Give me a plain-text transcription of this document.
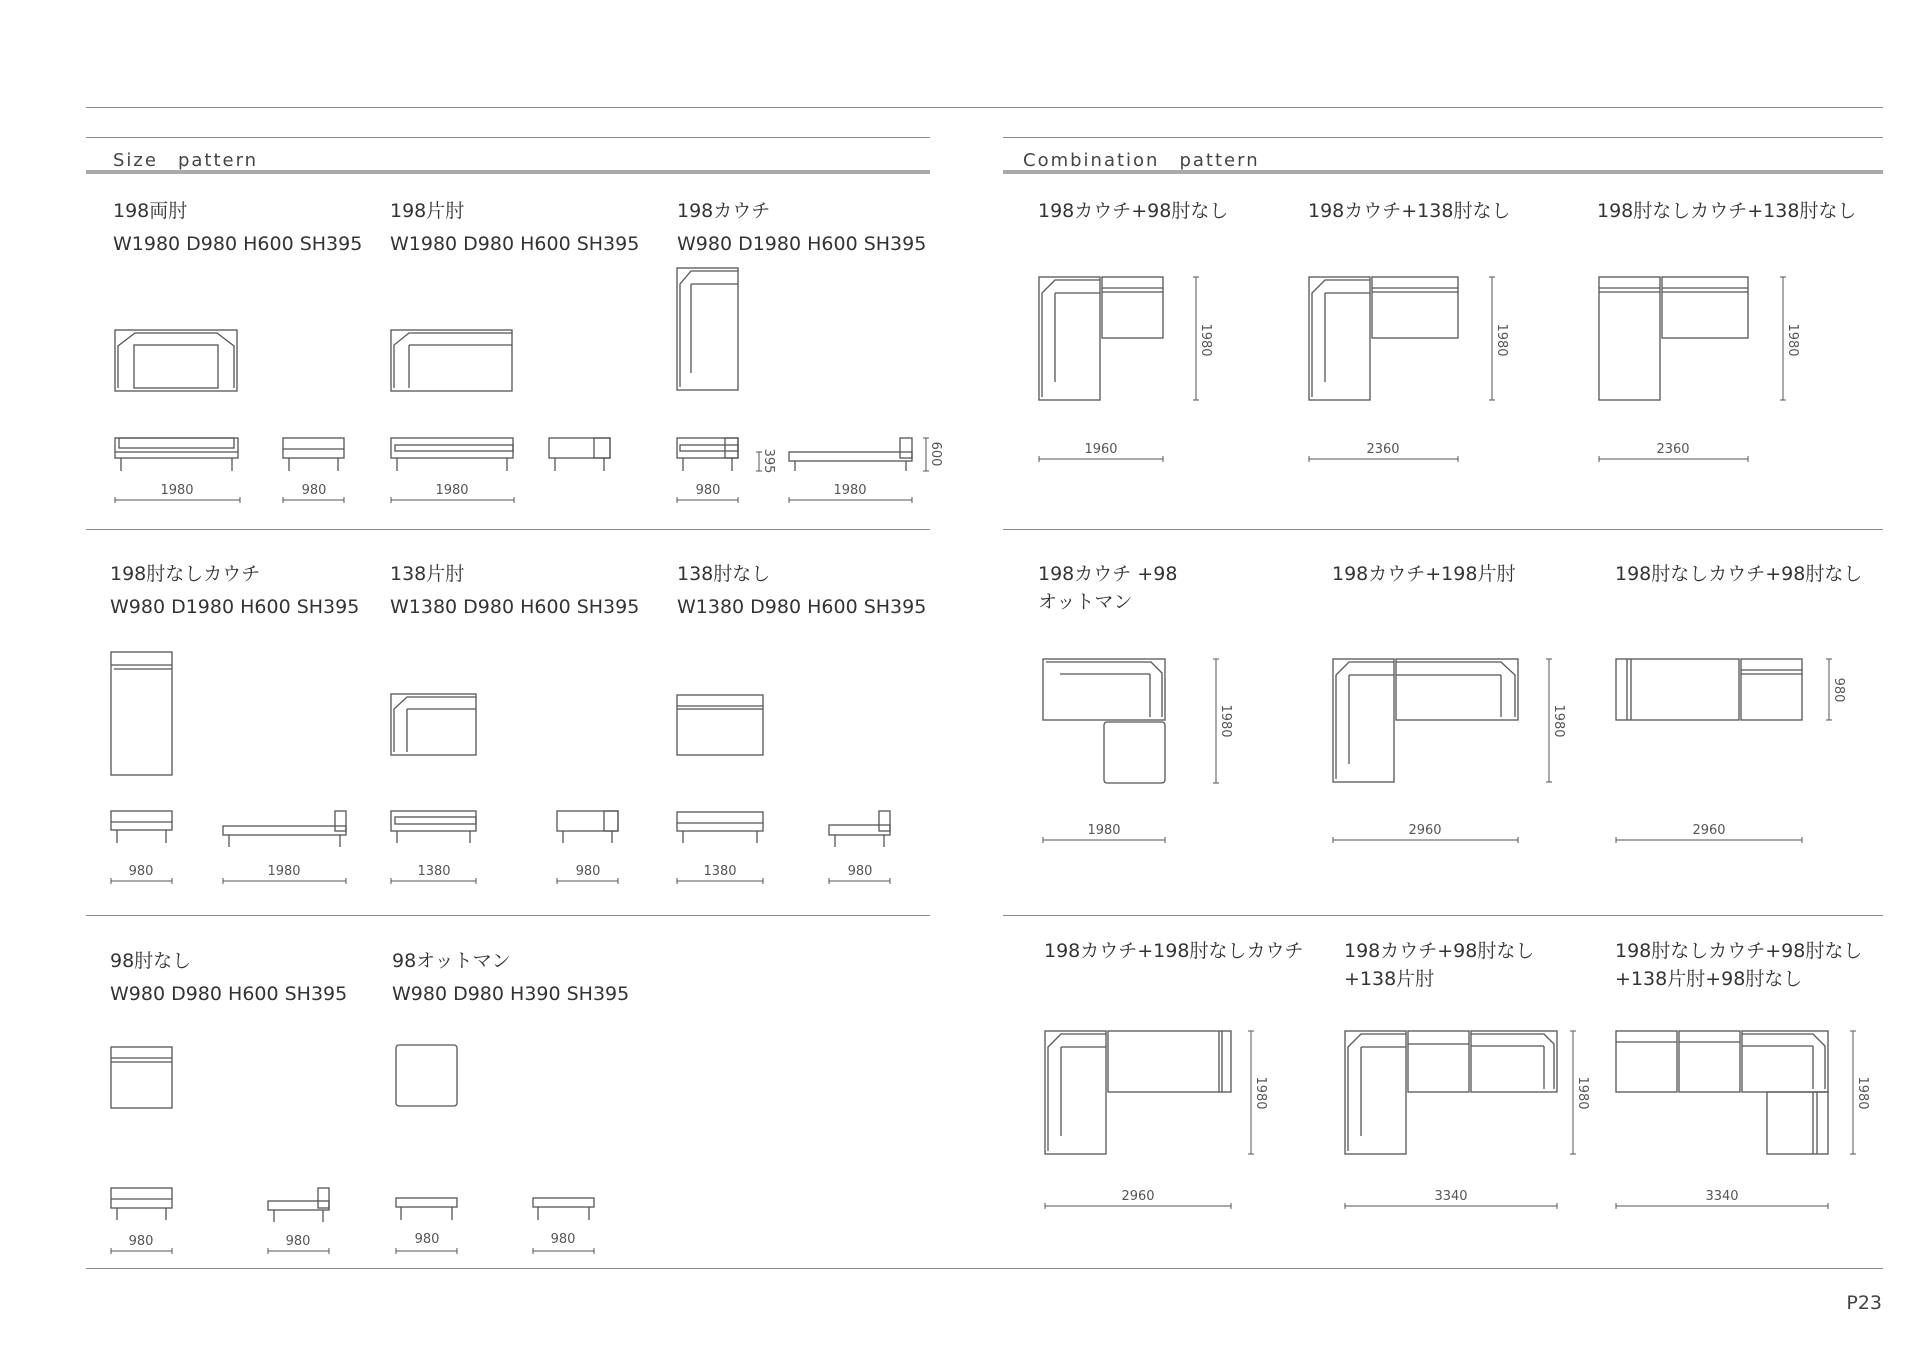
Size　pattern	Combination　pattern
198両肘
W1980 D980 H600 SH395
198片肘
W1980 D980 H600 SH395
198カウチ
W980 D1980 H600 SH395
198肘なしカウチ
W980 D1980 H600 SH395
138片肘
W1380 D980 H600 SH395
138肘なし
W1380 D980 H600 SH395
98肘なし
W980 D980 H600 SH395
98オットマン
W980 D980 H390 SH395
198カウチ+98肘なし	198カウチ+138肘なし	198肘なしカウチ+138肘なし
198カウチ +98
オットマン
198カウチ+198片肘	198肘なしカウチ+98肘なし
198カウチ+198肘なしカウチ 198カウチ+98肘なし
+138片肘
198肘なしカウチ+98肘なし
+138片肘+98肘なし
P23
1980	980	1980	980	1980
395	600
980	1980	1380	980	1380	980
980	980	980	980
1960	2360	2360
1980	1980	1980
1980	2960	2960
1980	1980
980
2960	3340	3340
1980	1980	1980
